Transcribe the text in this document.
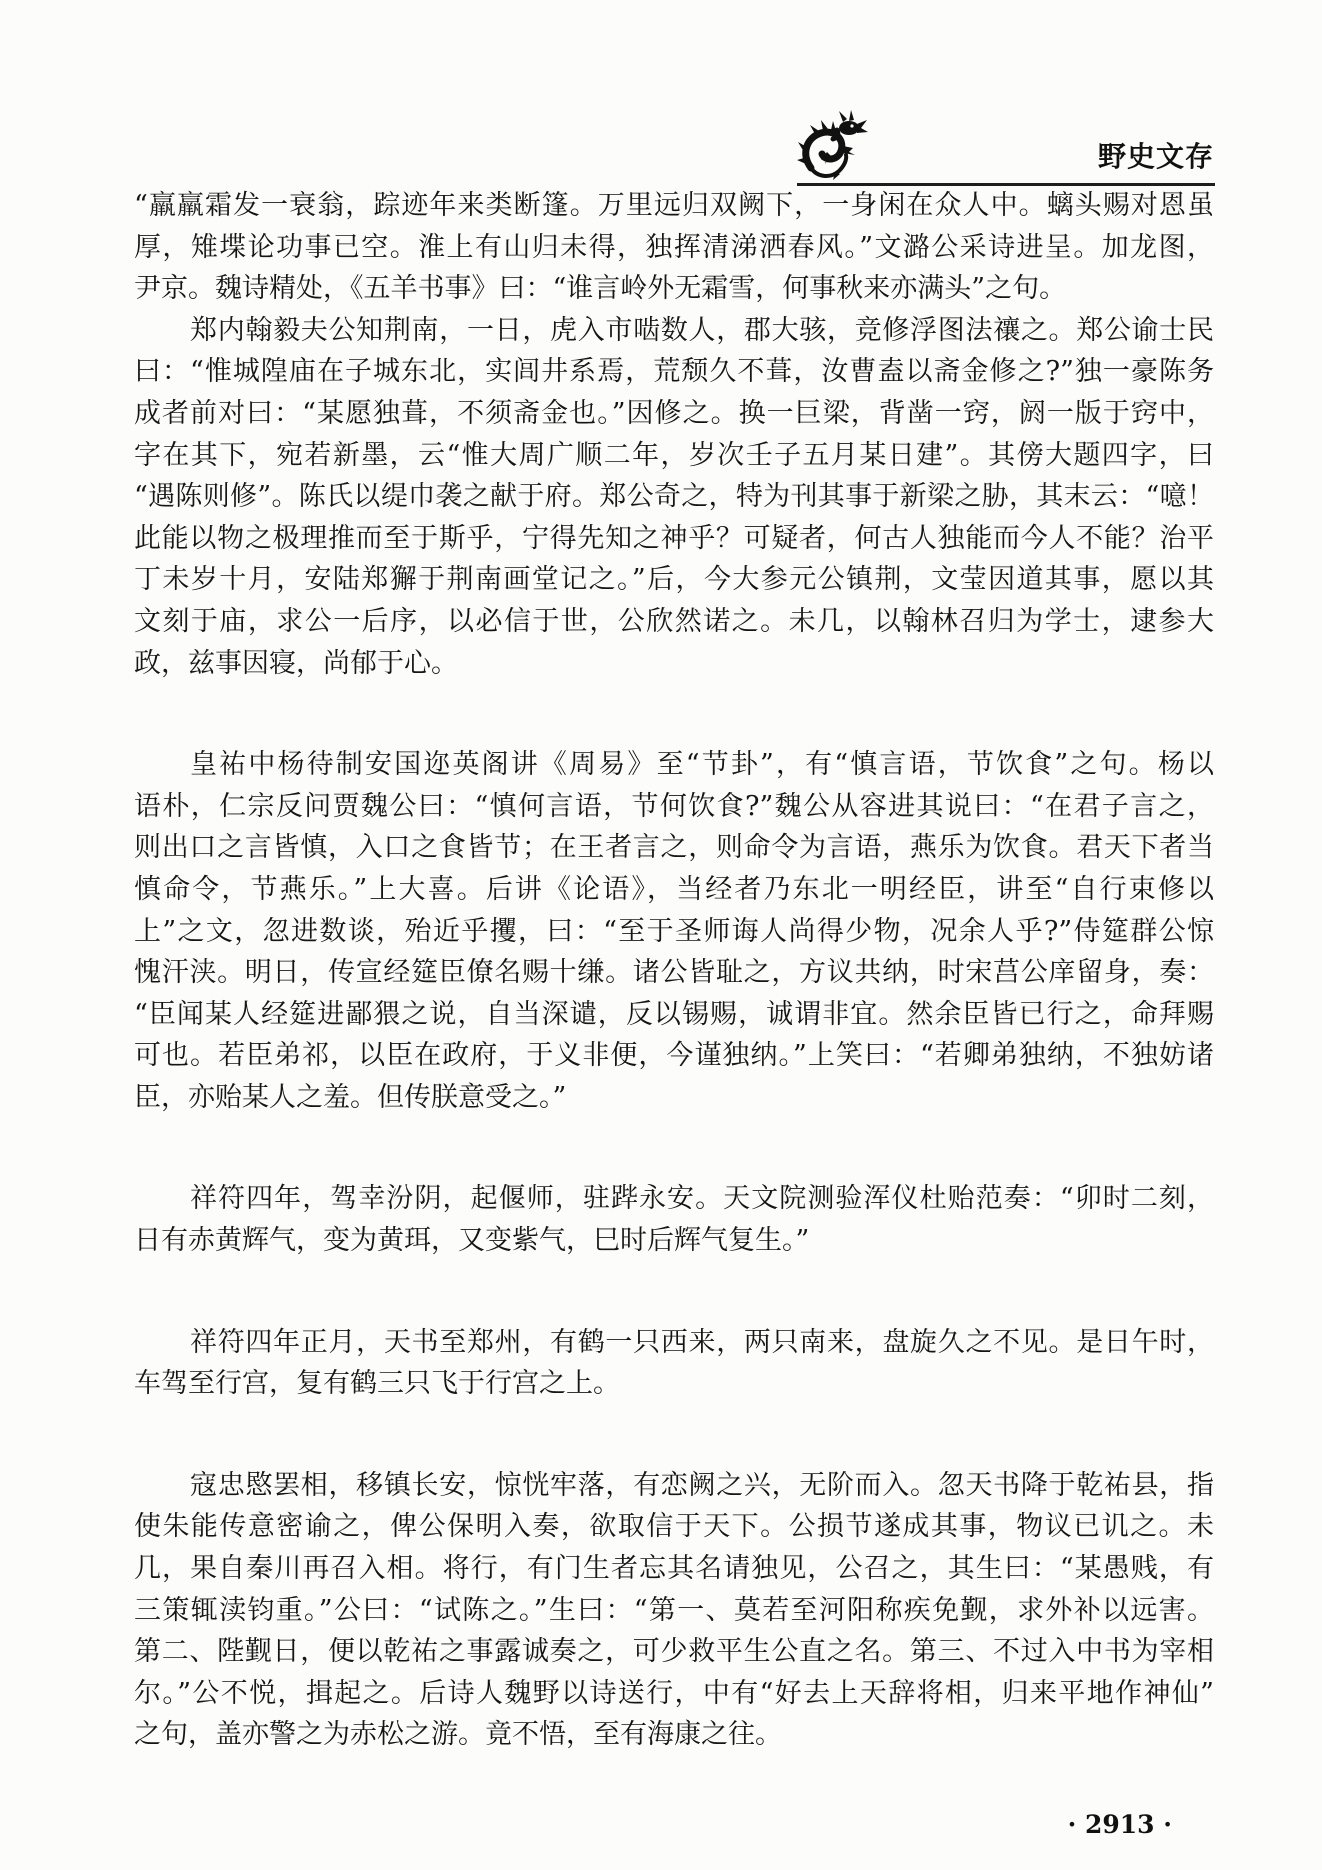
野史文存
“羸羸霜发一衰翁，踪迹年来类断篷。万里远归双阙下，一身闲在众人中。螭头赐对恩虽
厚，雉堞论功事已空。淮上有山归未得，独挥清涕洒春风。”文潞公采诗进呈。加龙图，
尹京。魏诗精处，《五羊书事》曰：“谁言岭外无霜雪，何事秋来亦满头”之句。
郑内翰毅夫公知荆南，一日，虎入市啮数人，郡大骇，竞修浮图法禳之。郑公谕士民
曰：“惟城隍庙在子城东北，实闾井系焉，荒颓久不葺，汝曹盍以斋金修之?”独一豪陈务
成者前对曰：“某愿独葺，不须斋金也。”因修之。换一巨梁，背凿一窍，阏一版于窍中，
字在其下，宛若新墨，云“惟大周广顺二年，岁次壬子五月某日建”。其傍大题四字，曰
“遇陈则修”。陈氏以缇巾袭之献于府。郑公奇之，特为刊其事于新梁之胁，其末云：“噫！
此能以物之极理推而至于斯乎，宁得先知之神乎？可疑者，何古人独能而今人不能？治平
丁未岁十月，安陆郑獬于荆南画堂记之。”后，今大参元公镇荆，文莹因道其事，愿以其
文刻于庙，求公一后序，以必信于世，公欣然诺之。未几，以翰林召归为学士，逮参大
政，兹事因寝，尚郁于心。
皇祐中杨待制安国迩英阁讲《周易》至“节卦”，有“慎言语，节饮食”之句。杨以
语朴，仁宗反问贾魏公曰：“慎何言语，节何饮食?”魏公从容进其说曰：“在君子言之，
则出口之言皆慎，入口之食皆节；在王者言之，则命令为言语，燕乐为饮食。君天下者当
慎命令，节燕乐。”上大喜。后讲《论语》，当经者乃东北一明经臣，讲至“自行束修以
上”之文，忽进数谈，殆近乎攫，曰：“至于圣师诲人尚得少物，况余人乎?”侍筵群公惊
愧汗浃。明日，传宣经筵臣僚名赐十缣。诸公皆耻之，方议共纳，时宋莒公庠留身，奏：
“臣闻某人经筵进鄙猥之说，自当深谴，反以锡赐，诚谓非宜。然余臣皆已行之，命拜赐
可也。若臣弟祁，以臣在政府，于义非便，今谨独纳。”上笑曰：“若卿弟独纳，不独妨诸
臣，亦贻某人之羞。但传朕意受之。”
祥符四年，驾幸汾阴，起偃师，驻跸永安。天文院测验浑仪杜贻范奏：“卯时二刻，
日有赤黄辉气，变为黄珥，又变紫气，巳时后辉气复生。”
祥符四年正月，天书至郑州，有鹤一只西来，两只南来，盘旋久之不见。是日午时，
车驾至行宫，复有鹤三只飞于行宫之上。
寇忠愍罢相，移镇长安，惊恍牢落，有恋阙之兴，无阶而入。忽天书降于乾祐县，指
使朱能传意密谕之，俾公保明入奏，欲取信于天下。公损节遂成其事，物议已讥之。未
几，果自秦川再召入相。将行，有门生者忘其名请独见，公召之，其生曰：“某愚贱，有
三策辄渎钧重。”公曰：“试陈之。”生曰：“第一、莫若至河阳称疾免觐，求外补以远害。
第二、陛觐日，便以乾祐之事露诚奏之，可少救平生公直之名。第三、不过入中书为宰相
尔。”公不悦，揖起之。后诗人魏野以诗送行，中有“好去上天辞将相，归来平地作神仙”
之句，盖亦警之为赤松之游。竟不悟，至有海康之往。
· 2913 ·
